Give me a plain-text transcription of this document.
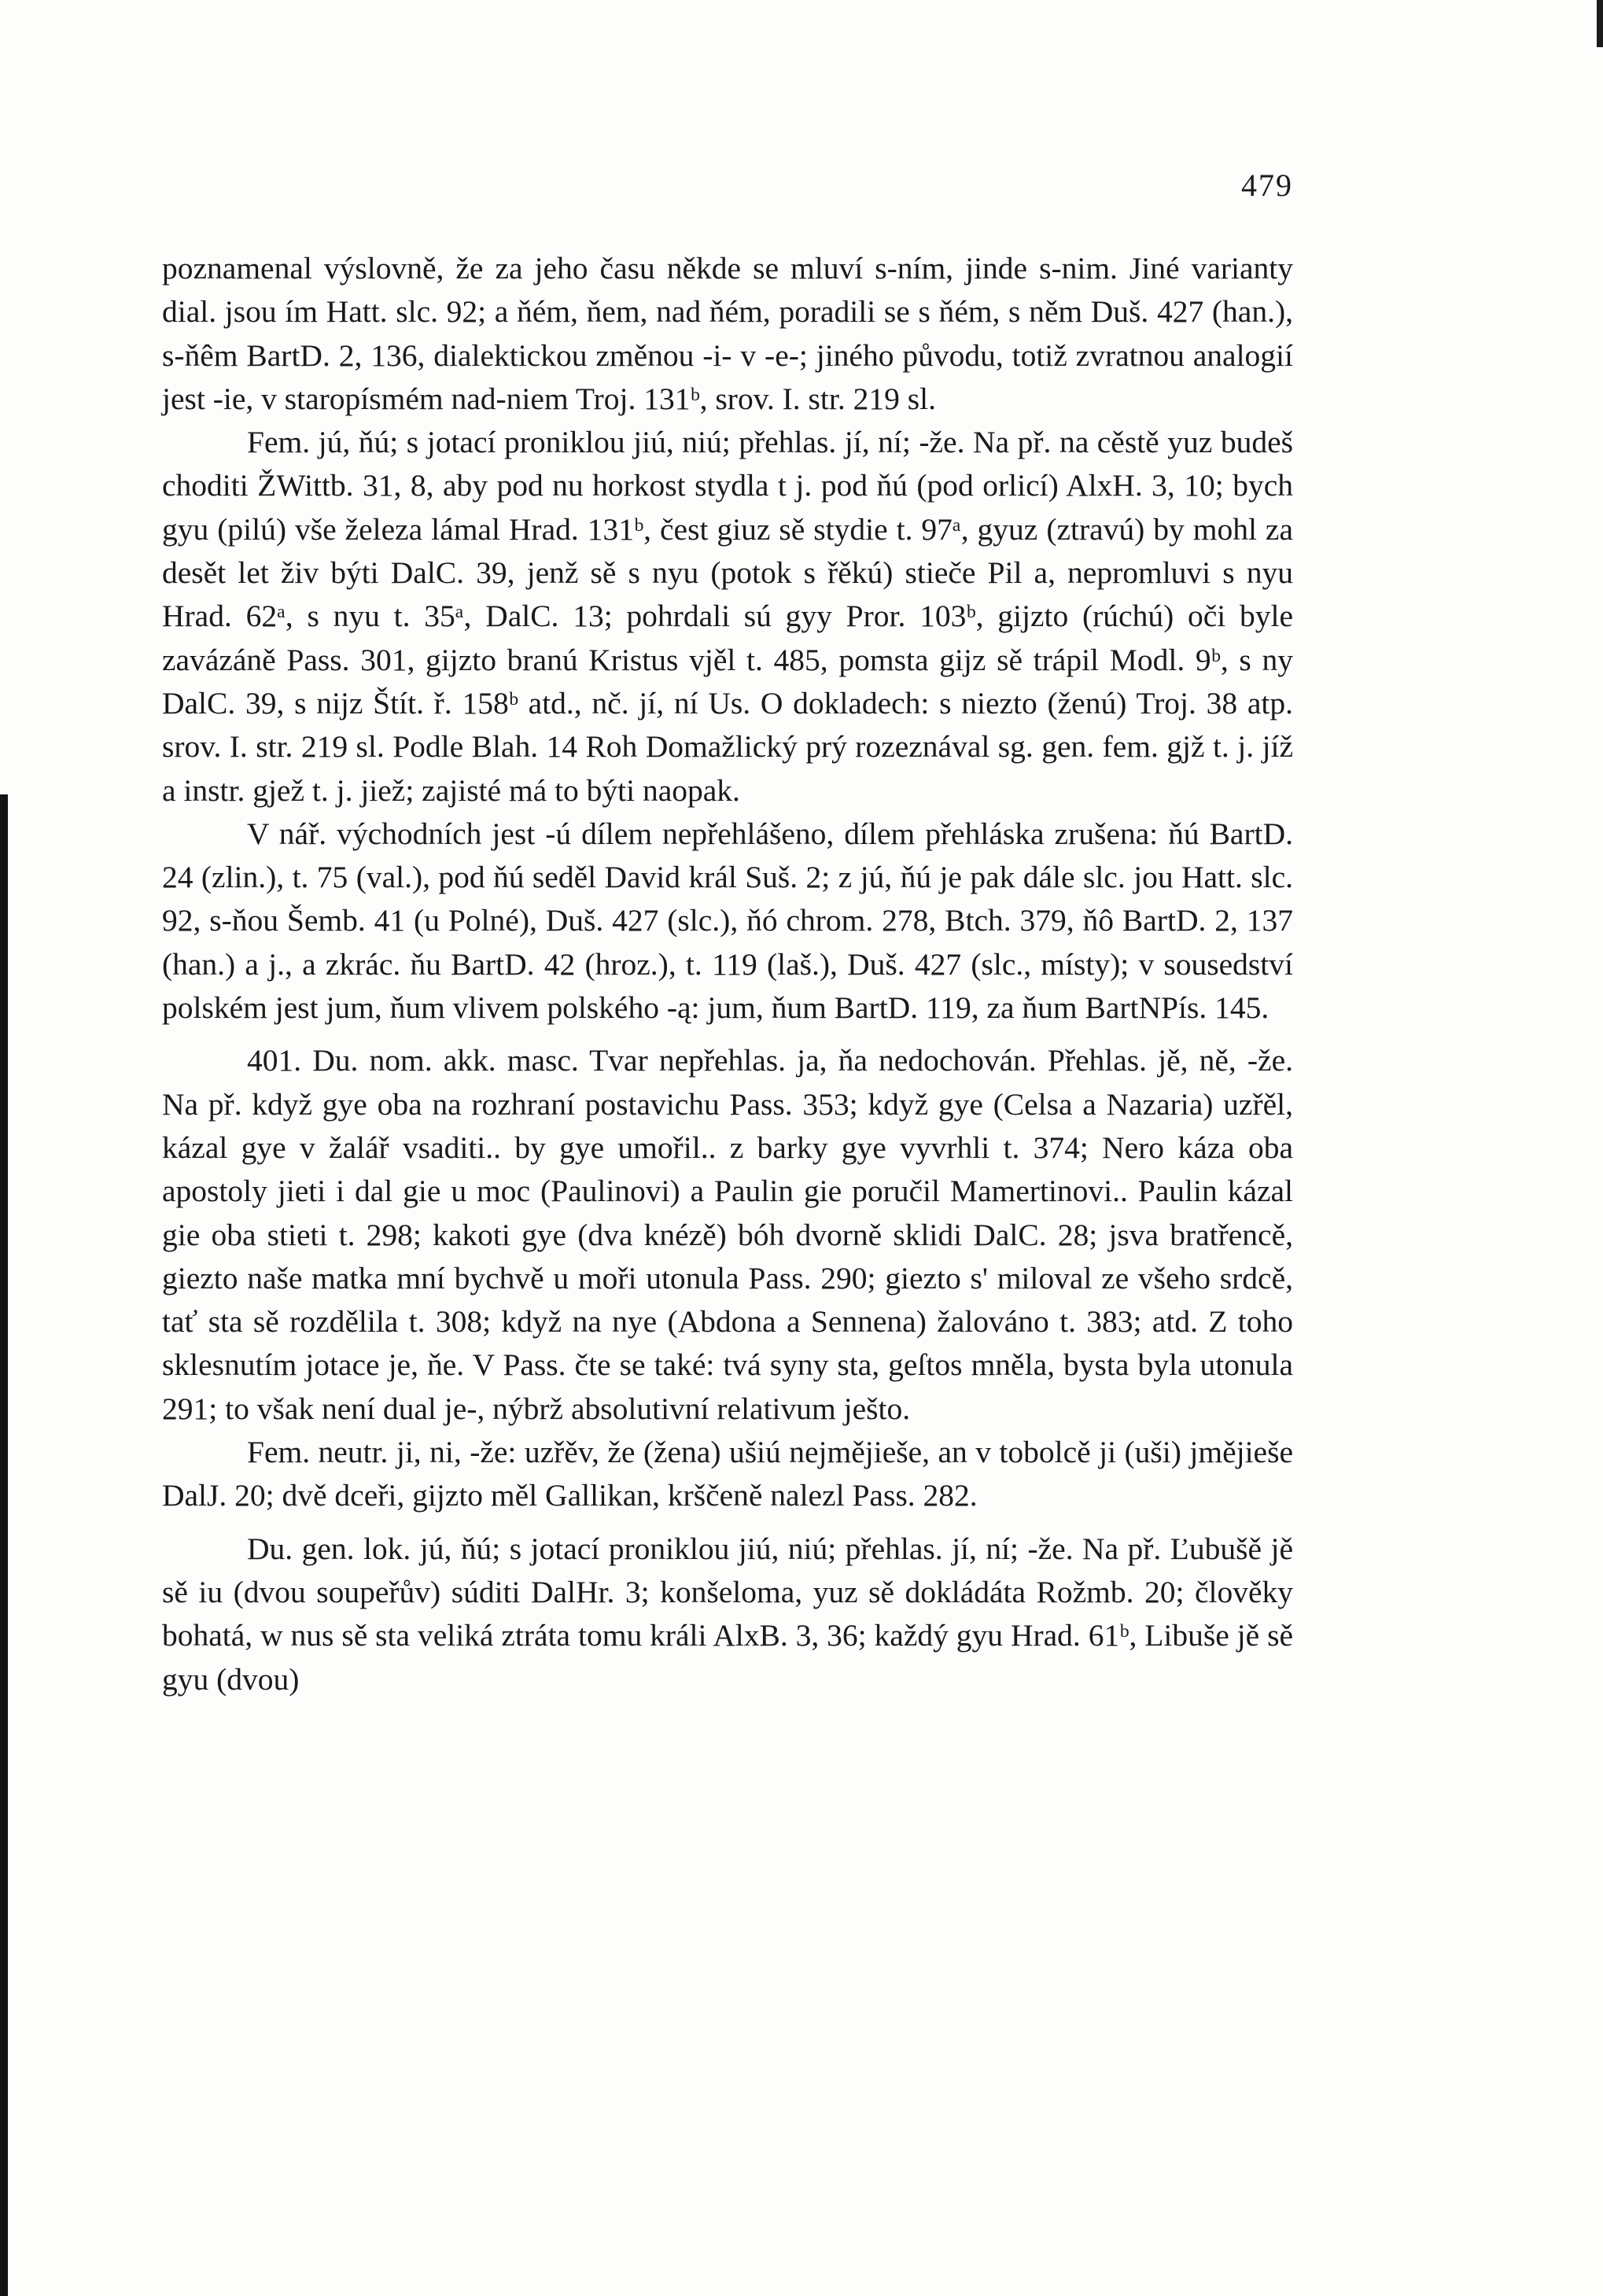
479

poznamenal výslovně, že za jeho času někde se mluví s-ním, jinde s-nim. Jiné varianty dial. jsou ím Hatt. slc. 92; a ňém, ňem, nad ňém, poradili se s ňém, s něm Duš. 427 (han.), s-ňêm BartD. 2, 136, dialektickou změnou -i- v -e-; jiného původu, totiž zvratnou analogií jest -ie, v staropísmém nad-niem Troj. 131ᵇ, srov. I. str. 219 sl.

Fem. jú, ňú; s jotací proniklou jiú, niú; přehlas. jí, ní; -že. Na př. na cěstě yuz budeš choditi ŽWittb. 31, 8, aby pod nu horkost stydla t j. pod ňú (pod orlicí) AlxH. 3, 10; bych gyu (pilú) vše železa lámal Hrad. 131ᵇ, čest giuz sě stydie t. 97ᵃ, gyuz (ztravú) by mohl za desět let živ býti DalC. 39, jenž sě s nyu (potok s řěkú) stieče Pil a, nepromluvi s nyu Hrad. 62ᵃ, s nyu t. 35ᵃ, DalC. 13; pohrdali sú gyy Pror. 103ᵇ, gijzto (rúchú) oči byle zavázáně Pass. 301, gijzto branú Kristus vjěl t. 485, pomsta gijz sě trápil Modl. 9ᵇ, s ny DalC. 39, s nijz Štít. ř. 158ᵇ atd., nč. jí, ní Us. O dokladech: s niezto (ženú) Troj. 38 atp. srov. I. str. 219 sl. Podle Blah. 14 Roh Domažlický prý rozeznával sg. gen. fem. gjž t. j. jíž a instr. gjež t. j. jiež; zajisté má to býti naopak.

V nář. východních jest -ú dílem nepřehlášeno, dílem přehláska zrušena: ňú BartD. 24 (zlin.), t. 75 (val.), pod ňú seděl David král Suš. 2; z jú, ňú je pak dále slc. jou Hatt. slc. 92, s-ňou Šemb. 41 (u Polné), Duš. 427 (slc.), ňó chrom. 278, Btch. 379, ňô BartD. 2, 137 (han.) a j., a zkrác. ňu BartD. 42 (hroz.), t. 119 (laš.), Duš. 427 (slc., místy); v sousedství polském jest jum, ňum vlivem polského -ą: jum, ňum BartD. 119, za ňum BartNPís. 145.

401. Du. nom. akk. masc. Tvar nepřehlas. ja, ňa nedochován. Přehlas. jě, ně, -že. Na př. když gye oba na rozhraní postavichu Pass. 353; když gye (Celsa a Nazaria) uzřěl, kázal gye v žalář vsaditi.. by gye umořil.. z barky gye vyvrhli t. 374; Nero káza oba apostoly jieti i dal gie u moc (Paulinovi) a Paulin gie poručil Mamertinovi.. Paulin kázal gie oba stieti t. 298; kakoti gye (dva knézě) bóh dvorně sklidi DalC. 28; jsva bratřencě, giezto naše matka mní bychvě u moři utonula Pass. 290; giezto s' miloval ze všeho srdcě, tať sta sě rozdělila t. 308; když na nye (Abdona a Sennena) žalováno t. 383; atd. Z toho sklesnutím jotace je, ňe. V Pass. čte se také: tvá syny sta, geſtos mněla, bysta byla utonula 291; to však není dual je-, nýbrž absolutivní relativum ješto.

Fem. neutr. ji, ni, -že: uzřěv, že (žena) ušiú nejmějieše, an v tobolcě ji (uši) jmějieše DalJ. 20; dvě dceři, gijzto měl Gallikan, krščeně nalezl Pass. 282.

Du. gen. lok. jú, ňú; s jotací proniklou jiú, niú; přehlas. jí, ní; -že. Na př. Ľubušě jě sě iu (dvou soupeřův) súditi DalHr. 3; konšeloma, yuz sě dokládáta Rožmb. 20; člověky bohatá, w nus sě sta veliká ztráta tomu králi AlxB. 3, 36; každý gyu Hrad. 61ᵇ, Libuše jě sě gyu (dvou)
